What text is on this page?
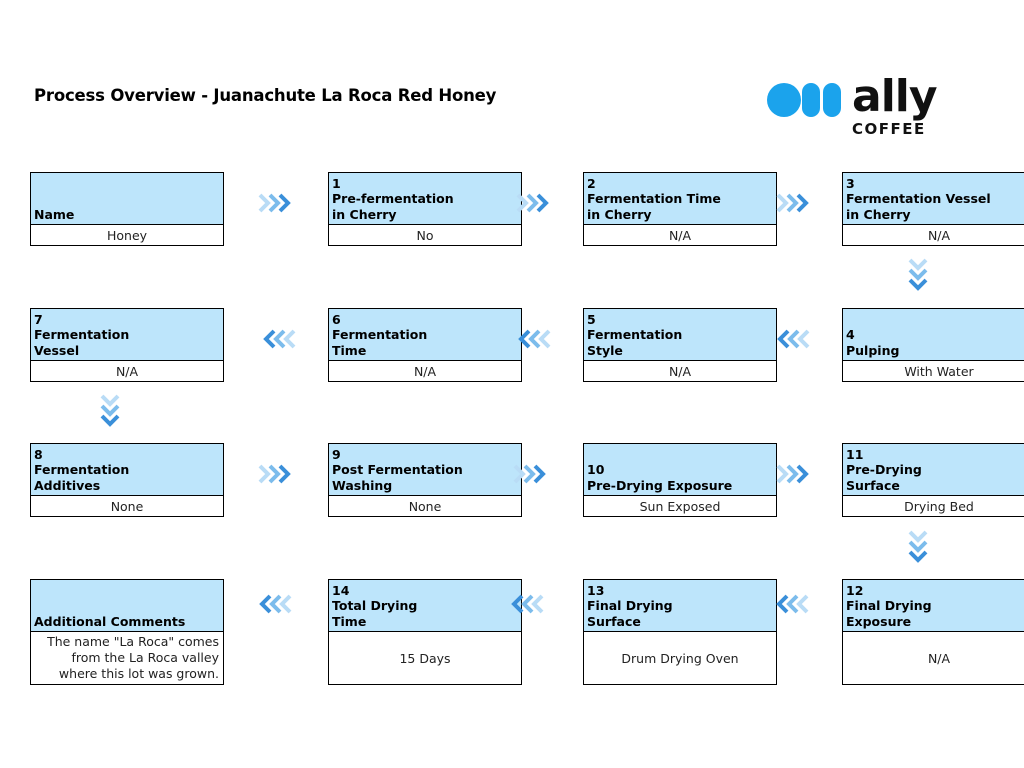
Process Overview - Juanachute La Roca Red Honey	ally
COFFEE
Name
Honey
1
Pre-fermentation in Cherry
No
2
Fermentation Time in Cherry
N/A
3
Fermentation Vessel in Cherry
N/A
7
Fermentation Vessel
N/A
6
Fermentation Time
N/A
5
Fermentation Style
N/A
4
Pulping
With Water
8
Fermentation Additives
None
9
Post Fermentation Washing
None
10
Pre-Drying Exposure
Sun Exposed
11
Pre-Drying Surface
Drying Bed
Additional Comments
The name "La Roca" comes from the La Roca valley where this lot was grown.
14
Total Drying Time
15 Days
13
Final Drying Surface
Drum Drying Oven
12
Final Drying Exposure
N/A
